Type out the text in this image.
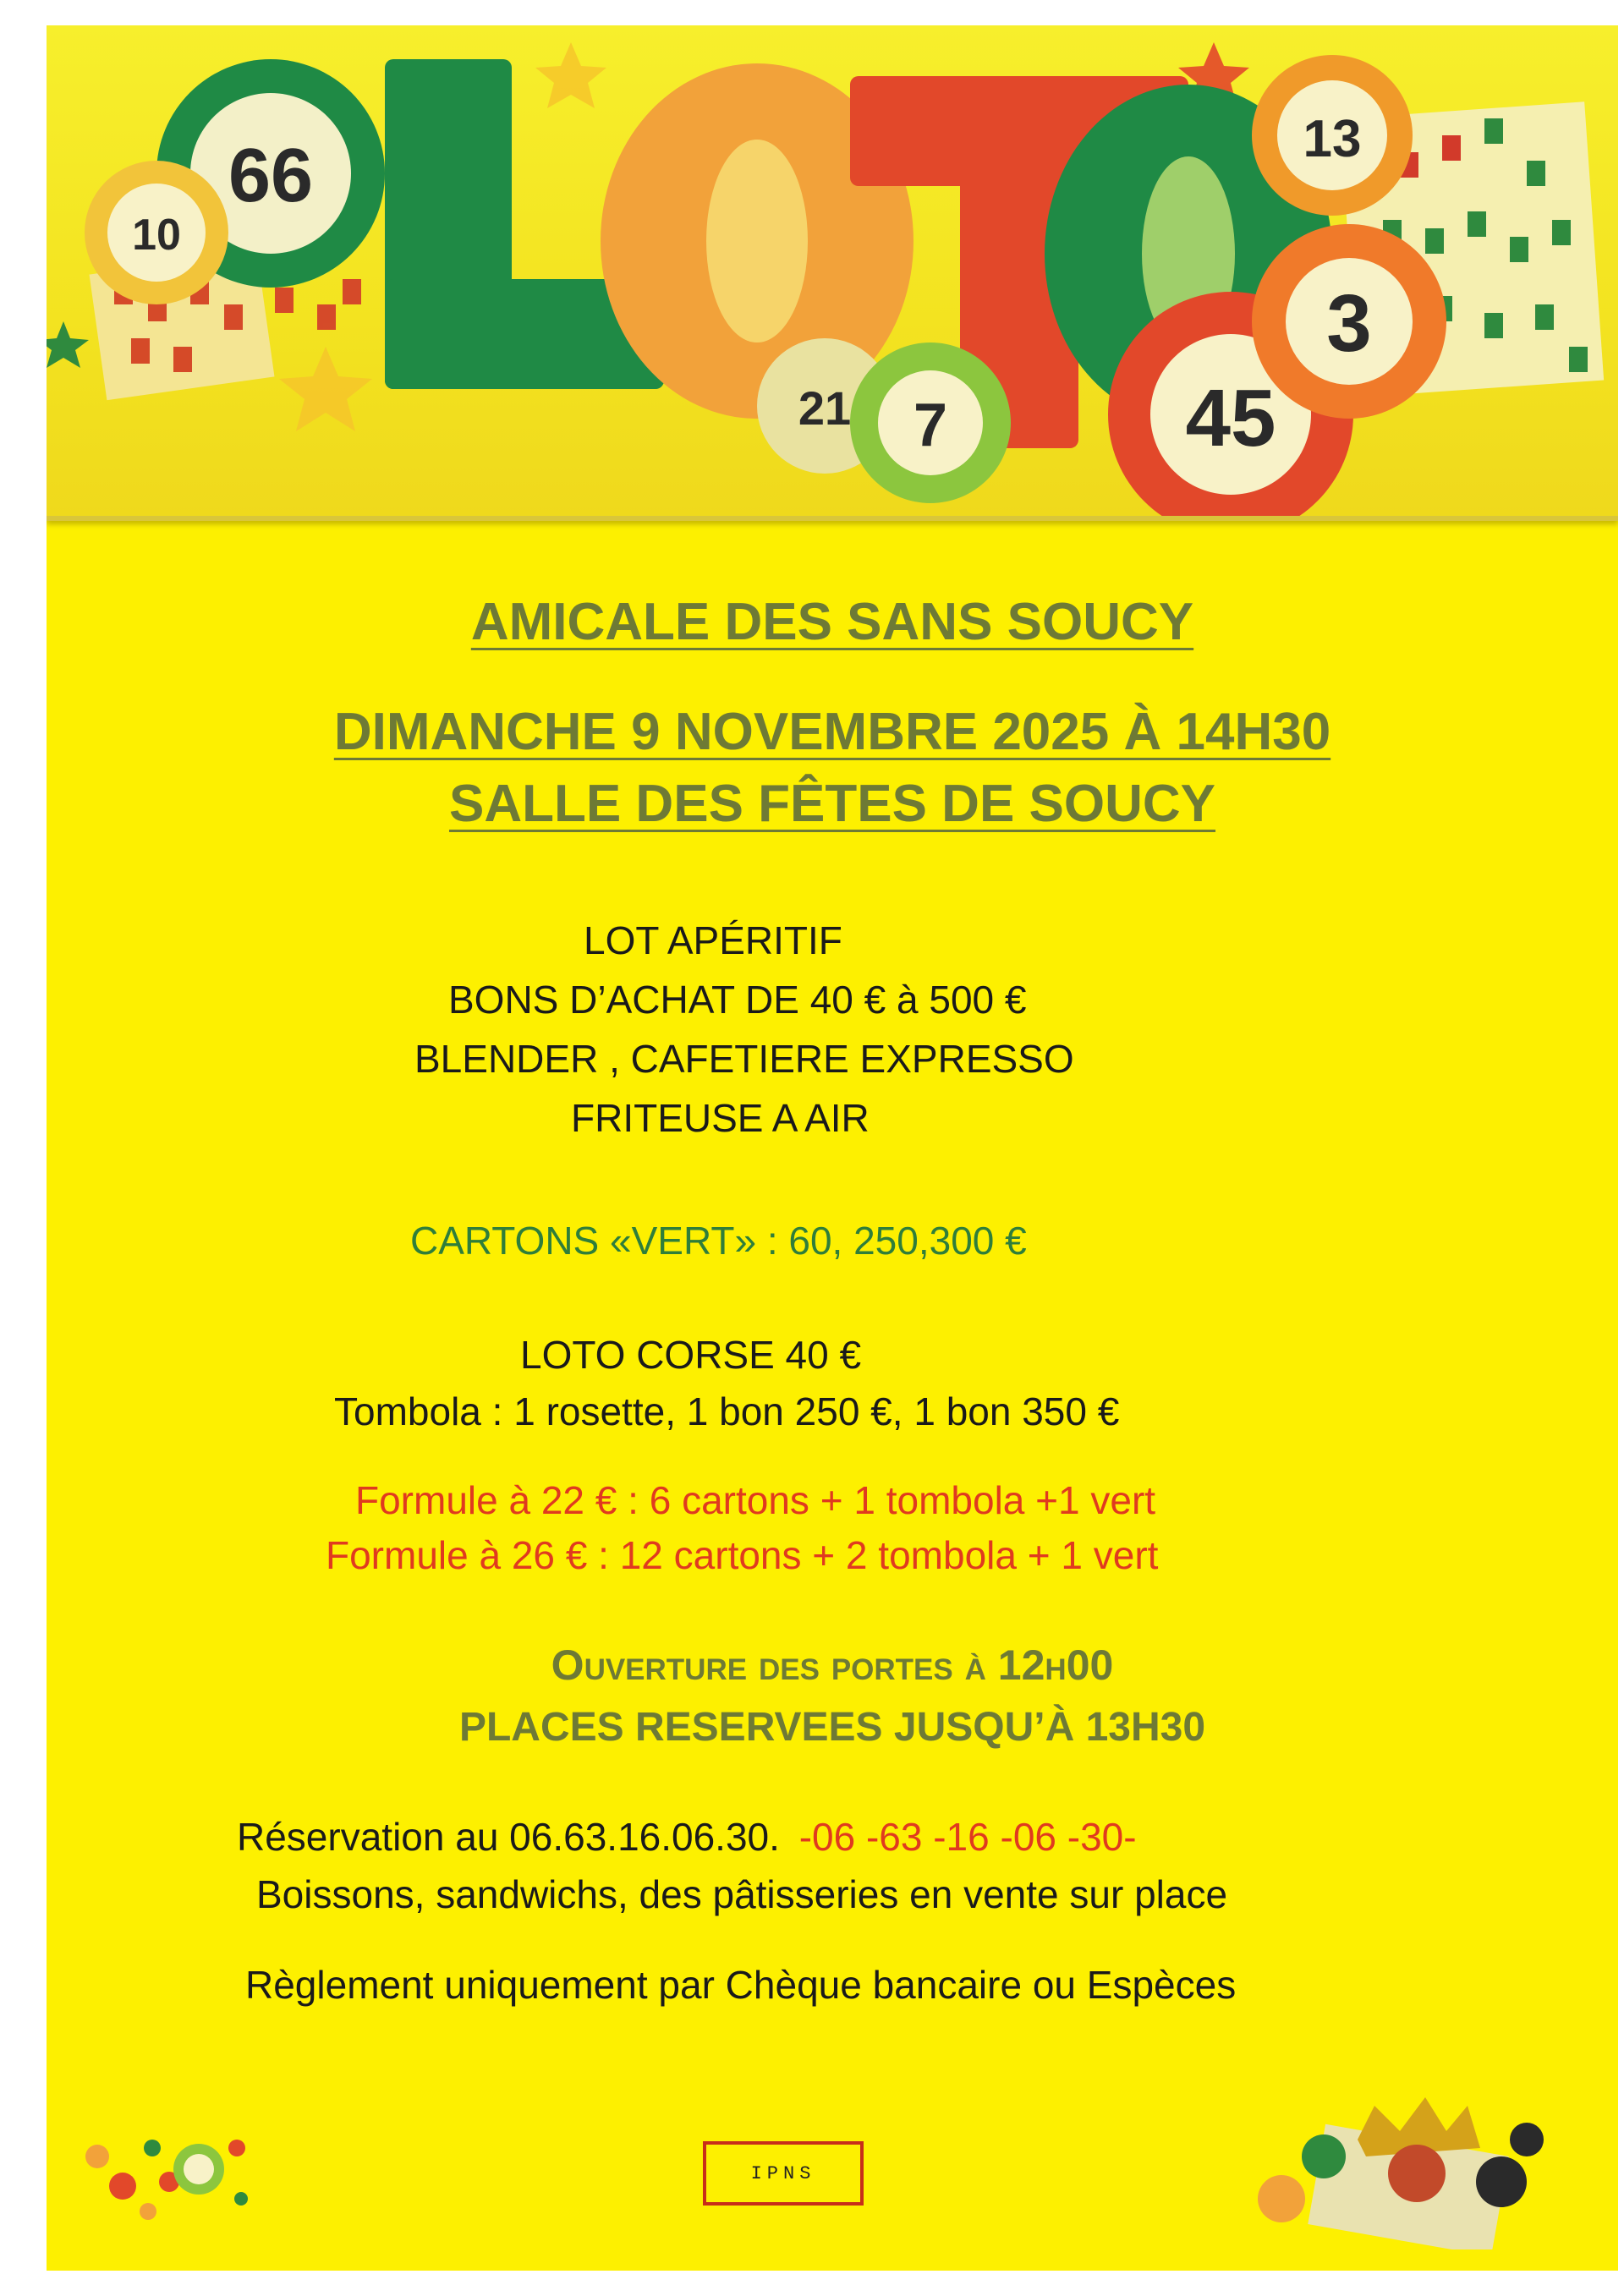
66
10
13
21 7	45
3
AMICALE DES SANS SOUCY
DIMANCHE 9 NOVEMBRE 2025 À 14H30
SALLE DES FÊTES DE SOUCY
LOT APÉRITIF
BONS D’ACHAT DE 40 € à 500 €
BLENDER , CAFETIERE EXPRESSO
FRITEUSE A AIR
CARTONS «VERT» : 60, 250,300 €
LOTO CORSE 40 €
Tombola : 1 rosette, 1 bon 250 €, 1 bon 350 €
Formule à 22 € : 6 cartons + 1 tombola +1 vert
Formule à 26 € : 12 cartons + 2 tombola + 1 vert
Ouverture des portes à 12h00
PLACES RESERVEES JUSQU’À 13H30
Réservation au 06.63.16.06.30. -06 -63 -16 -06 -30-
Boissons, sandwichs, des pâtisseries en vente sur place
Règlement uniquement par Chèque bancaire ou Espèces
IPNS
